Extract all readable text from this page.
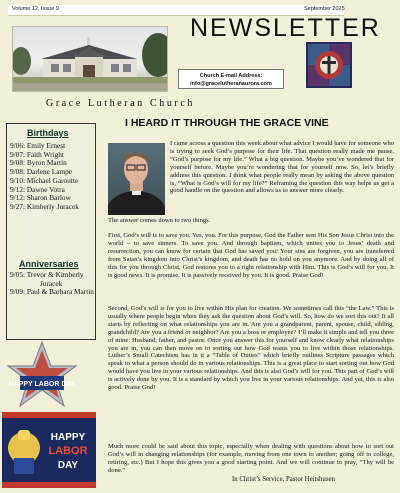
Volume 12, Issue 9	September 2025
NEWSLETTER
Church E-mail Address:
info@gracelutheranaurora.com
Grace Lutheran Church
I HEARD IT THROUGH THE GRACE VINE
Birthdays
9/06: Emily Ernest
9/07: Faith Wright
9/08: Byron Martin
9/08: Darlene Lampe
9/10: Michael Garoutte
9/12: Dawne Votra
9/12: Sharon Barlow
9/27: Kimberly Juracek
Anniversaries
9/05: Trevor & Kimberly Juracek
9/09: Paul & Barbara Martin
I came across a question this week about what advice I would have for someone who is trying to seek God’s purpose for their life. That question really made me pause. “God’s purpose for my life.” What a big question. Maybe you’ve wondered that for yourself before. Maybe you’re wondering that for yourself now. So, let’s briefly address this question. I think what people really mean by asking the above question is, “What is God’s will for my life?” Reframing the question this way helps us get a good handle on the question and allows us to answer more clearly.
The answer comes down to two things.
First, God’s will is to save you. Yes, you. For this purpose, God the Father sent His Son Jesus Christ into the world – to save sinners. To save you. And through baptism, which unites you to Jesus’ death and resurrection, you can know for certain that God has saved you! Your sins are forgiven, you are transferred from Satan’s kingdom into Christ’s kingdom, and death has no hold on you anymore. And by doing all of this for you through Christ, God restores you to a right relationship with Him. This is God’s will for you. It is good news. It is promise. It is passively received by you. It is good. Praise God!
Second, God’s will is for you to live within His plan for creation. We sometimes call this “the Law.” This is usually where people begin when they ask the question about God’s will. So, how do we sort this out? It all starts by reflecting on what relationships you are in. Are you a grandparent, parent, spouse, child, sibling, grandchild? Are you a friend or neighbor? Are you a boss or employee? I’ll make it simple and tell you three of mine: Husband, father, and pastor. Once you answer this for yourself and know clearly what relationships you are in, you can then move on to sorting out how God wants you to live within those relationships. Luther’s Small Catechism has in it a “Table of Duties” which briefly outlines Scripture passages which speak to what a person should do in various relationships. This is a great place to start sorting out how God would have you live in your various relationships. And this is also God’s will for you. This part of God’s will is actively done by you. It is a standard by which you live in your various relationships. And yet, this is also good. Praise God!
Much more could be said about this topic, especially when dealing with questions about how to sort out God’s will in changing relationships (for example, moving from one town to another; going off to college, retiring, etc.) But I hope this gives you a good starting point. And we will continue to pray, “Thy will be done.”
In Christ’s Service, Pastor Heitshusen
HAPPY LABOR DAY
HAPPY
LABOR
DAY
